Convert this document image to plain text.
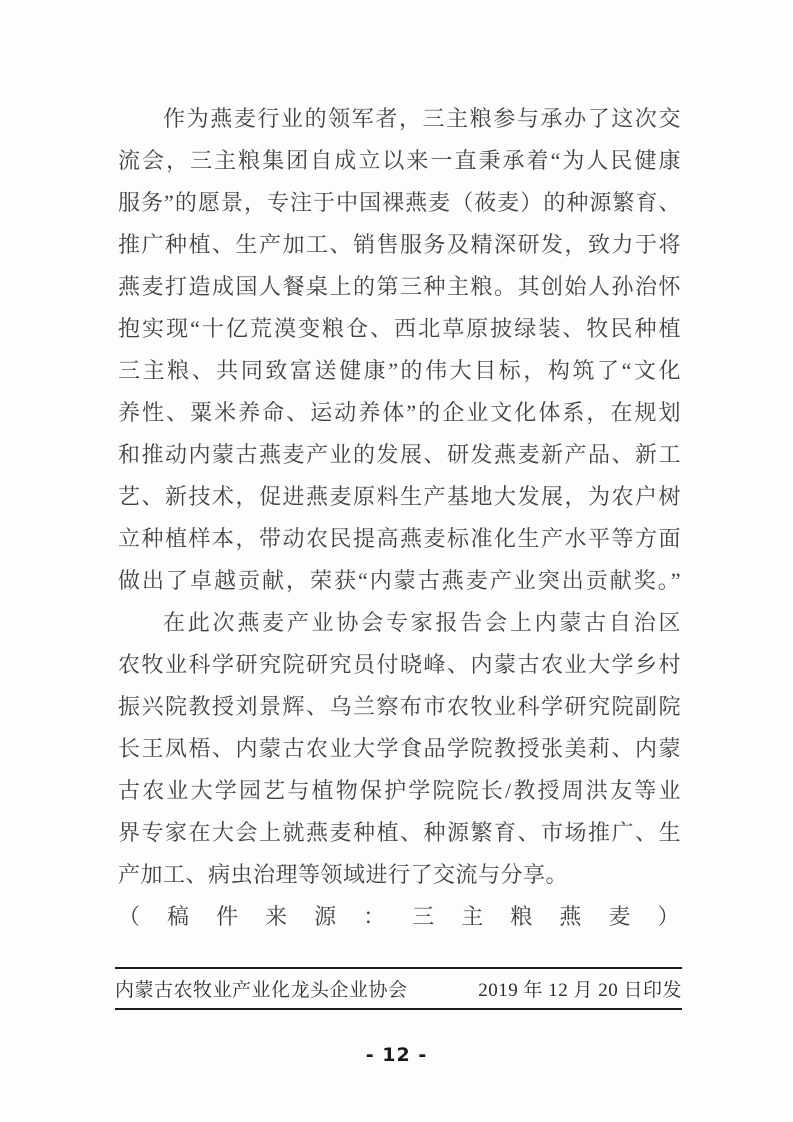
作为燕麦行业的领军者，三主粮参与承办了这次交
流会，三主粮集团自成立以来一直秉承着“为人民健康
服务”的愿景，专注于中国裸燕麦（莜麦）的种源繁育、
推广种植、生产加工、销售服务及精深研发，致力于将
燕麦打造成国人餐桌上的第三种主粮。其创始人孙治怀
抱实现“十亿荒漠变粮仓、西北草原披绿装、牧民种植
三主粮、共同致富送健康”的伟大目标，构筑了“文化
养性、粟米养命、运动养体”的企业文化体系，在规划
和推动内蒙古燕麦产业的发展、研发燕麦新产品、新工
艺、新技术，促进燕麦原料生产基地大发展，为农户树
立种植样本，带动农民提高燕麦标准化生产水平等方面
做出了卓越贡献，荣获“内蒙古燕麦产业突出贡献奖。”
在此次燕麦产业协会专家报告会上内蒙古自治区
农牧业科学研究院研究员付晓峰、内蒙古农业大学乡村
振兴院教授刘景辉、乌兰察布市农牧业科学研究院副院
长王凤梧、内蒙古农业大学食品学院教授张美莉、内蒙
古农业大学园艺与植物保护学院院长/教授周洪友等业
界专家在大会上就燕麦种植、种源繁育、市场推广、生
产加工、病虫治理等领域进行了交流与分享。
（稿件来源：三主粮燕麦）
内蒙古农牧业产业化龙头企业协会	2019 年 12 月 20 日印发
- 12 -
